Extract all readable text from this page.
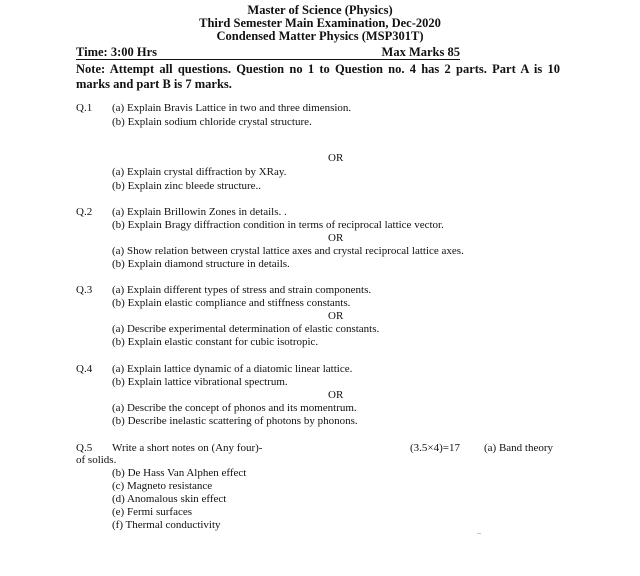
Master of Science (Physics)
Third Semester Main Examination, Dec-2020
Condensed Matter Physics (MSP301T)
Time: 3:00 Hrs	Max Marks 85
Note: Attempt all questions. Question no 1 to Question no. 4 has 2 parts. Part A is 10 marks and part B is 7 marks.
Q.1 (a) Explain Bravis Lattice in two and three dimension.
(b) Explain sodium chloride crystal structure.
OR
(a) Explain crystal diffraction by XRay.
(b) Explain zinc bleede structure..
Q.2 (a) Explain Brillowin Zones in details. .
(b) Explain Bragy diffraction condition in terms of reciprocal lattice vector.
OR
(a) Show relation between crystal lattice axes and crystal reciprocal lattice axes.
(b) Explain diamond structure in details.
Q.3 (a) Explain different types of stress and strain components.
(b) Explain elastic compliance and stiffness constants.
OR
(a) Describe experimental determination of elastic constants.
(b) Explain elastic constant for cubic isotropic.
Q.4 (a) Explain lattice dynamic of a diatomic linear lattice.
(b) Explain lattice vibrational spectrum.
OR
(a) Describe the concept of phonos and its momentrum.
(b) Describe inelastic scattering of photons by phonons.
Q.5 Write a short notes on (Any four)-	(3.5×4)=17 (a) Band theory
of solids.
(b) De Hass Van Alphen effect
(c) Magneto resistance
(d) Anomalous skin effect
(e) Fermi surfaces
(f) Thermal conductivity
..
